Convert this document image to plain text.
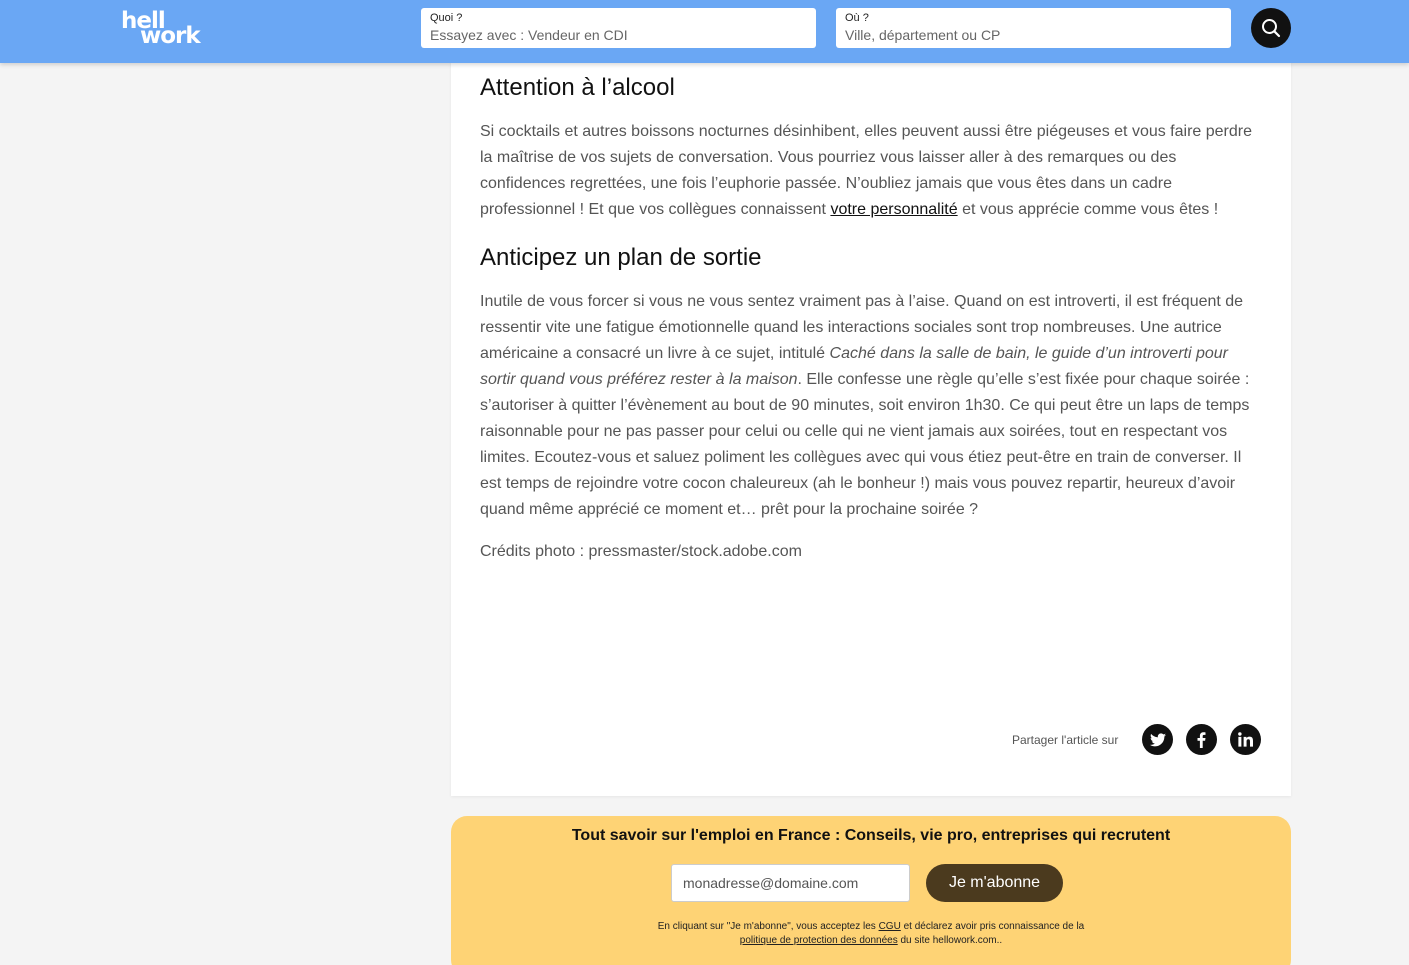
hell
work
Quoi ?
Essayez avec : Vendeur en CDI	Où ?
Ville, département ou CP
Attention à l’alcool

Si cocktails et autres boissons nocturnes désinhibent, elles peuvent aussi être piégeuses et vous faire perdre la maîtrise de vos sujets de conversation. Vous pourriez vous laisser aller à des remarques ou des confidences regrettées, une fois l’euphorie passée. N’oubliez jamais que vous êtes dans un cadre professionnel ! Et que vos collègues connaissent votre personnalité et vous apprécie comme vous êtes !

Anticipez un plan de sortie

Inutile de vous forcer si vous ne vous sentez vraiment pas à l’aise. Quand on est introverti, il est fréquent de ressentir vite une fatigue émotionnelle quand les interactions sociales sont trop nombreuses. Une autrice américaine a consacré un livre à ce sujet, intitulé Caché dans la salle de bain, le guide d’un introverti pour sortir quand vous préférez rester à la maison. Elle confesse une règle qu’elle s’est fixée pour chaque soirée : s’autoriser à quitter l’évènement au bout de 90 minutes, soit environ 1h30. Ce qui peut être un laps de temps raisonnable pour ne pas passer pour celui ou celle qui ne vient jamais aux soirées, tout en respectant vos limites. Ecoutez-vous et saluez poliment les collègues avec qui vous étiez peut-être en train de converser. Il est temps de rejoindre votre cocon chaleureux (ah le bonheur !) mais vous pouvez repartir, heureux d’avoir quand même apprécié ce moment et… prêt pour la prochaine soirée ?

Crédits photo : pressmaster/stock.adobe.com

Partager l'article sur
Tout savoir sur l'emploi en France : Conseils, vie pro, entreprises qui recrutent
monadresse@domaine.com
Je m'abonne

En cliquant sur "Je m'abonne", vous acceptez les CGU et déclarez avoir pris connaissance de la politique de protection des données du site hellowork.com..
